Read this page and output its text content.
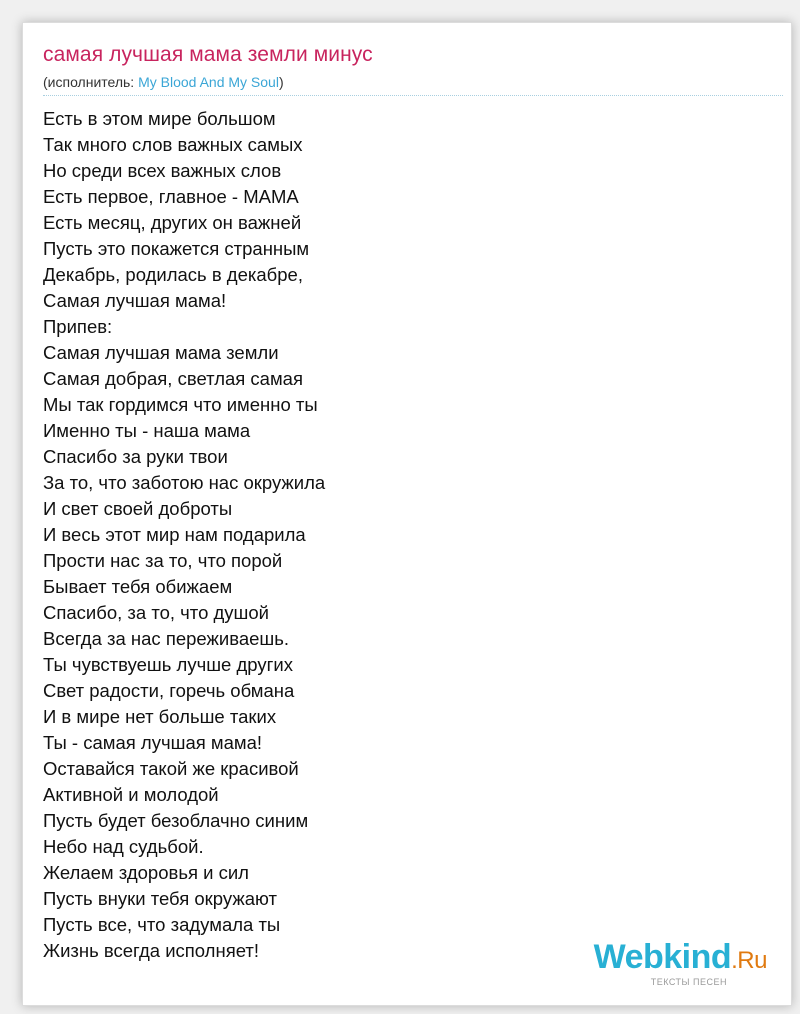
самая лучшая мама земли минус
(исполнитель: My Blood And My Soul)
Есть в этом мире большом
Так много слов важных самых
Но среди всех важных слов
Есть первое, главное - МАМА
Есть месяц, других он важней
Пусть это покажется странным
Декабрь, родилась в декабре,
Самая лучшая мама!
Припев:
Самая лучшая мама земли
Самая добрая, светлая самая
Мы так гордимся что именно ты
Именно ты - наша мама
Спасибо за руки твои
За то, что заботою нас окружила
И свет своей доброты
И весь этот мир нам подарила
Прости нас за то, что порой
Бывает тебя обижаем
Спасибо, за то, что душой
Всегда за нас переживаешь.
Ты чувствуешь лучше других
Свет радости, горечь обмана
И в мире нет больше таких
Ты - самая лучшая мама!
Оставайся такой же красивой
Активной и молодой
Пусть будет безоблачно синим
Небо над судьбой.
Желаем здоровья и сил
Пусть внуки тебя окружают
Пусть все, что задумала ты
Жизнь всегда исполняет!	Webkind.Ru
ТЕКСТЫ ПЕСЕН
